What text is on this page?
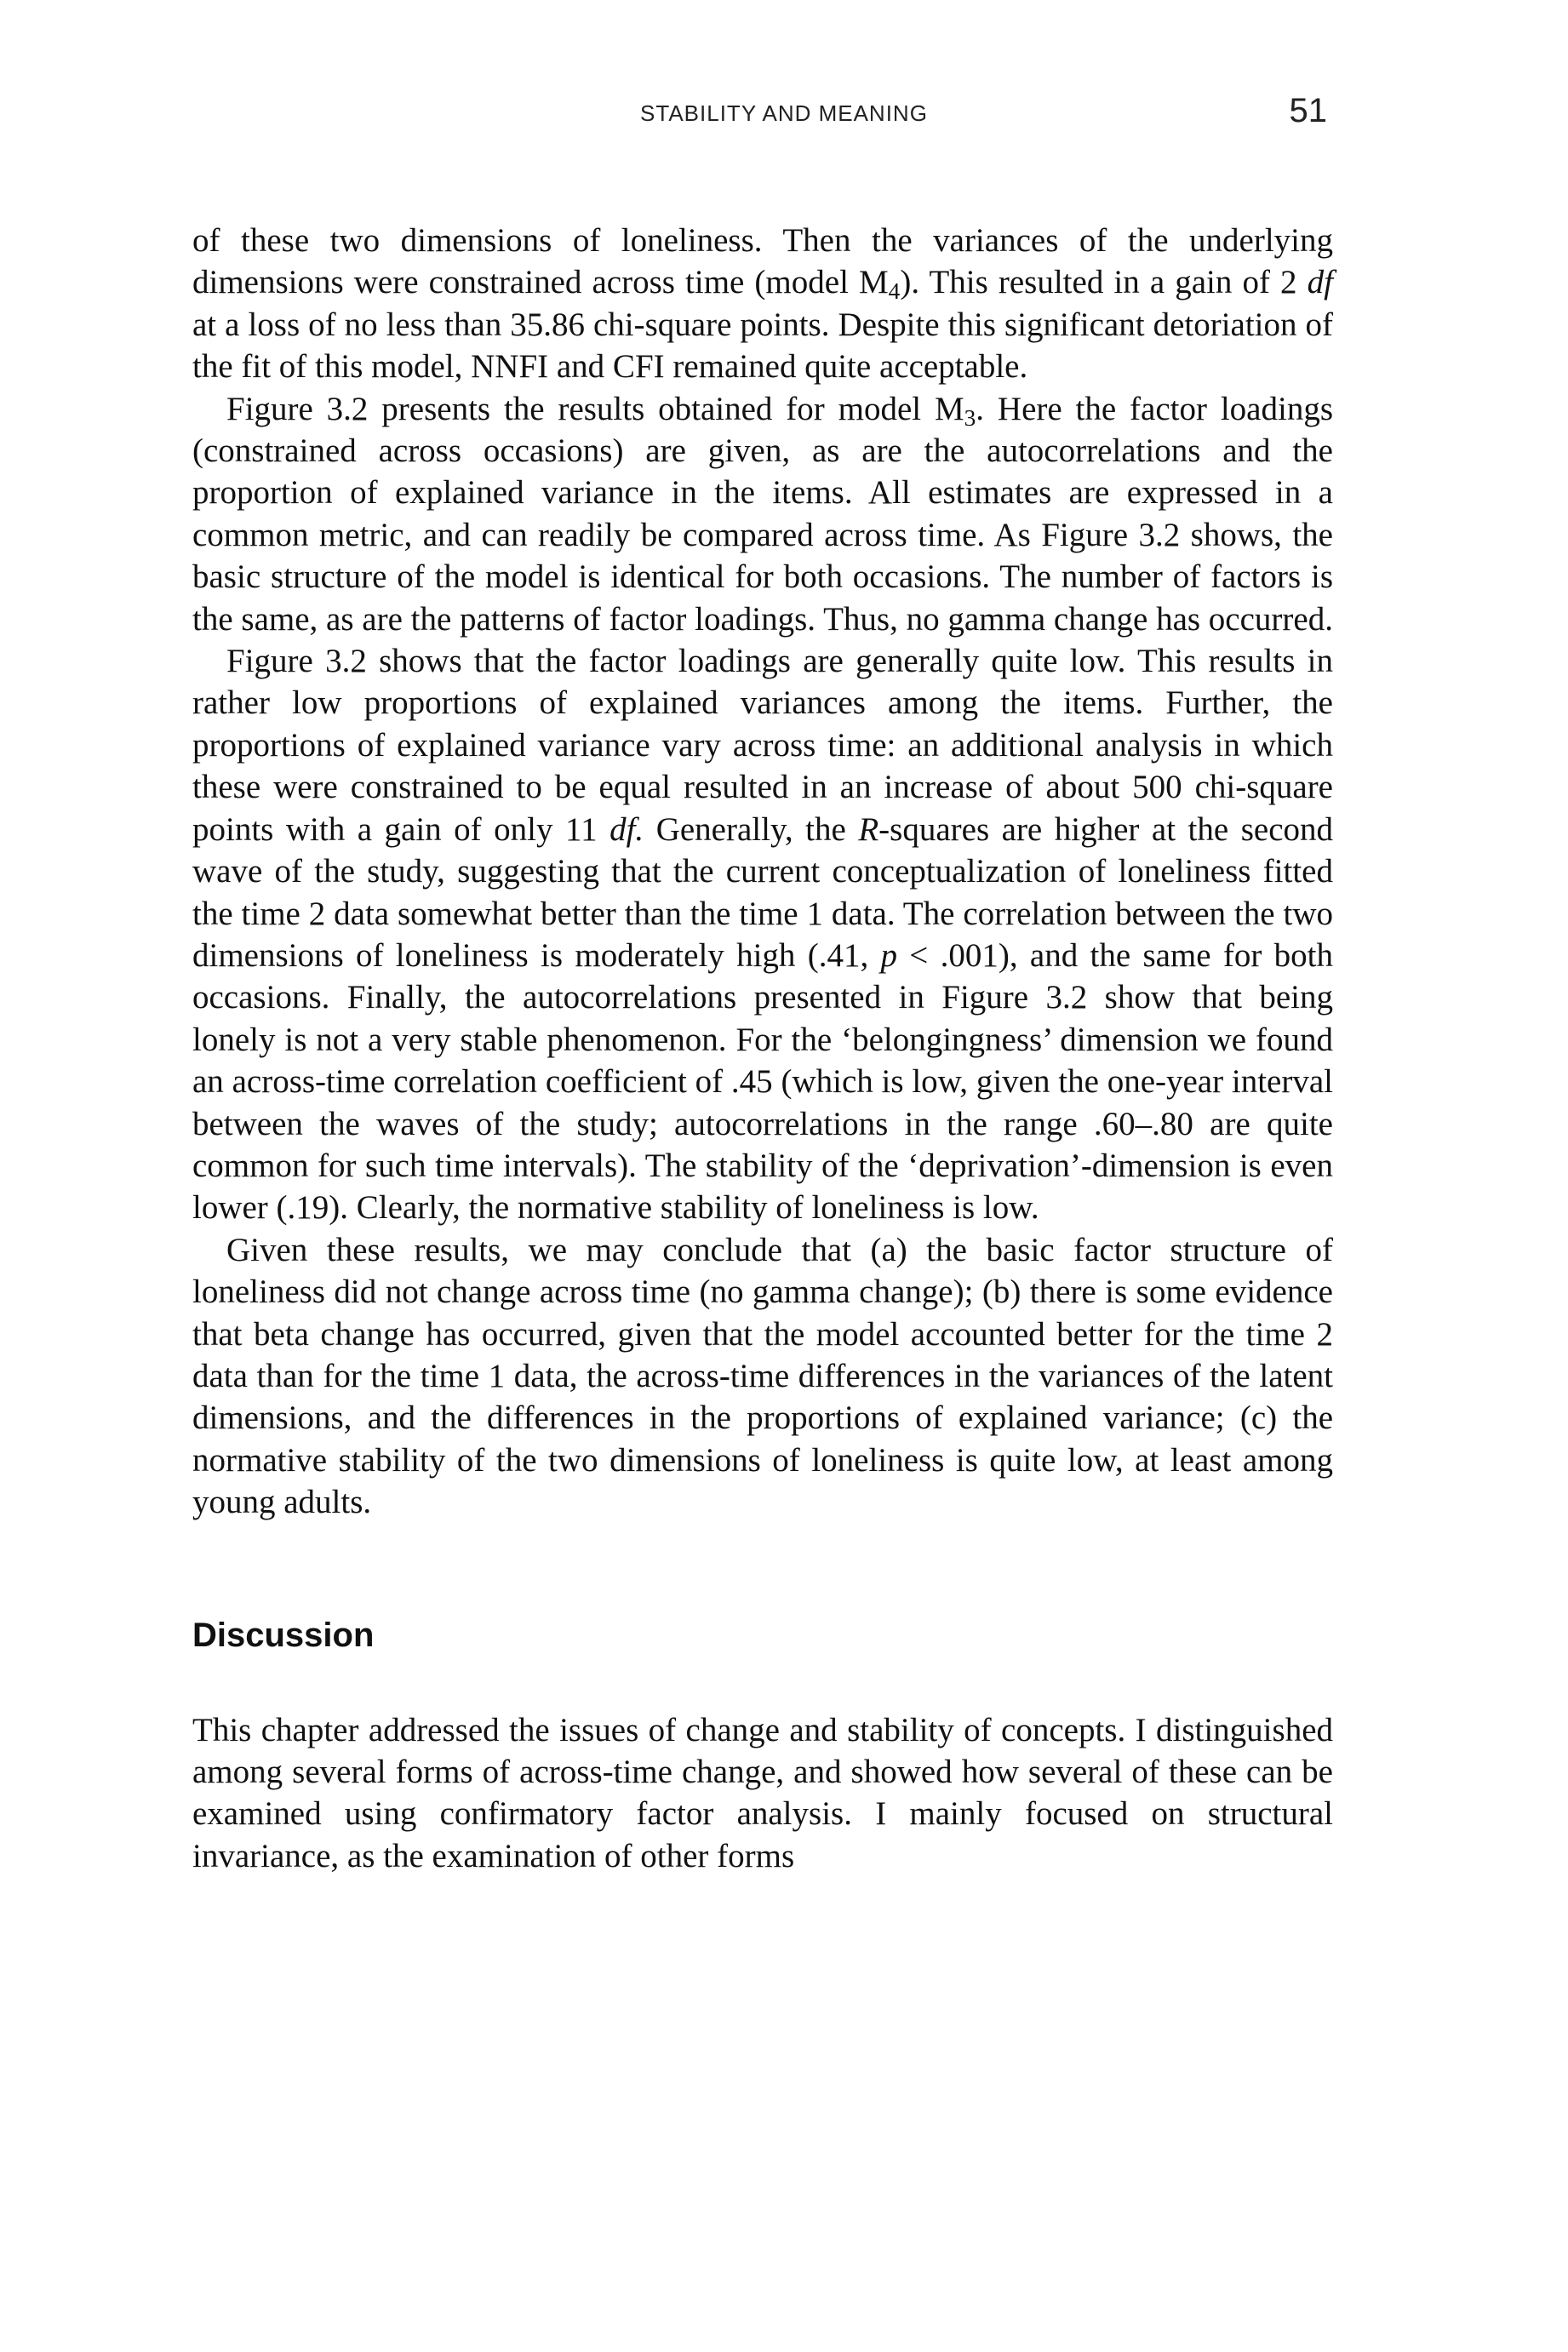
STABILITY AND MEANING	51

of these two dimensions of loneliness. Then the variances of the underlying dimensions were constrained across time (model $M_4$). This resulted in a gain of 2 df at a loss of no less than 35.86 chi-square points. Despite this significant detoriation of the fit of this model, NNFI and CFI remained quite acceptable.

Figure 3.2 presents the results obtained for model $M_3$. Here the factor loadings (constrained across occasions) are given, as are the autocorrelations and the proportion of explained variance in the items. All estimates are expressed in a common metric, and can readily be compared across time. As Figure 3.2 shows, the basic structure of the model is identical for both occasions. The number of factors is the same, as are the patterns of factor loadings. Thus, no gamma change has occurred.

Figure 3.2 shows that the factor loadings are generally quite low. This results in rather low proportions of explained variances among the items. Further, the proportions of explained variance vary across time: an additional analysis in which these were constrained to be equal resulted in an increase of about 500 chi-square points with a gain of only 11 df. Generally, the R-squares are higher at the second wave of the study, suggesting that the current conceptualization of loneliness fitted the time 2 data somewhat better than the time 1 data. The correlation between the two dimensions of loneliness is moderately high (.41, p < .001), and the same for both occasions. Finally, the autocorrelations presented in Figure 3.2 show that being lonely is not a very stable phenomenon. For the ‘belongingness’ dimension we found an across-time correlation coefficient of .45 (which is low, given the one-year interval between the waves of the study; autocorrelations in the range .60–.80 are quite common for such time intervals). The stability of the ‘deprivation’-dimension is even lower (.19). Clearly, the normative stability of loneliness is low.

Given these results, we may conclude that (a) the basic factor structure of loneliness did not change across time (no gamma change); (b) there is some evidence that beta change has occurred, given that the model accounted better for the time 2 data than for the time 1 data, the across-time differences in the variances of the latent dimensions, and the differences in the proportions of explained variance; (c) the normative stability of the two dimensions of loneliness is quite low, at least among young adults.

Discussion

This chapter addressed the issues of change and stability of concepts. I distinguished among several forms of across-time change, and showed how several of these can be examined using confirmatory factor analysis. I mainly focused on structural invariance, as the examination of other forms
